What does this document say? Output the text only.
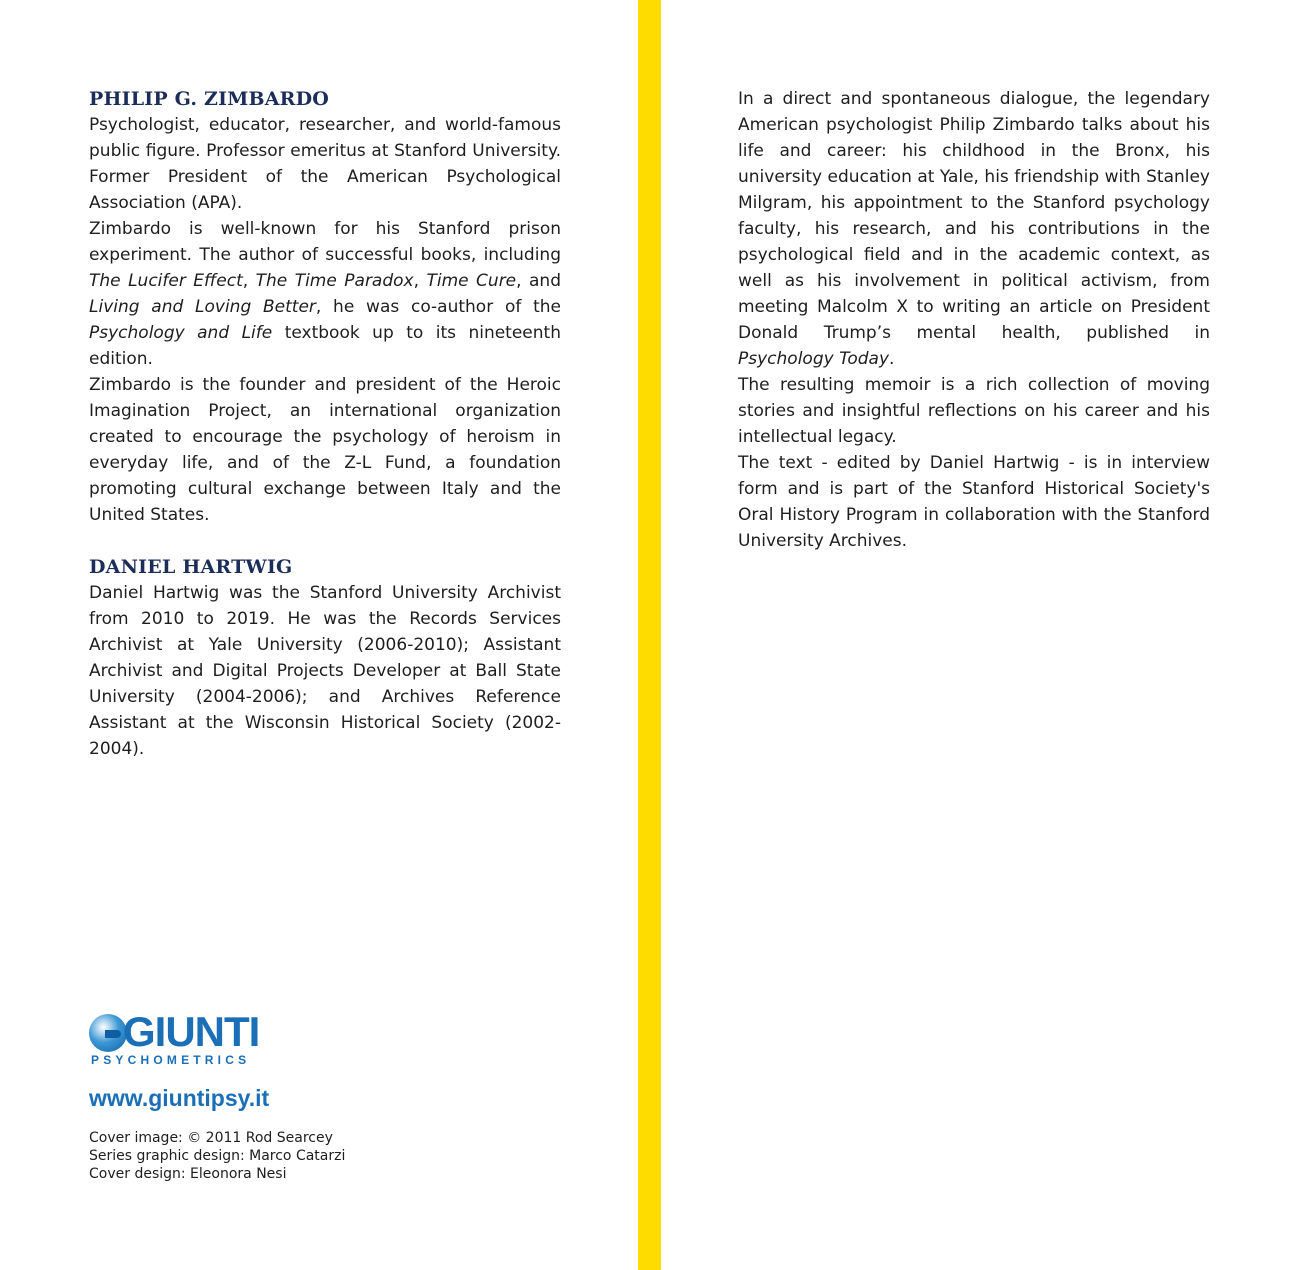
PHILIP G. ZIMBARDO

Psychologist, educator, researcher, and world-famous public figure. Professor emeritus at Stanford University. Former President of the American Psychological Association (APA).

Zimbardo is well-known for his Stanford prison experiment. The author of successful books, including The Lucifer Effect, The Time Paradox, Time Cure, and Living and Loving Better, he was co-author of the Psychology and Life textbook up to its nineteenth edition.

Zimbardo is the founder and president of the Heroic Imagination Project, an international organization created to encourage the psychology of heroism in everyday life, and of the Z-L Fund, a foundation promoting cultural exchange between Italy and the United States.

DANIEL HARTWIG

Daniel Hartwig was the Stanford University Archivist from 2010 to 2019. He was the Records Services Archivist at Yale University (2006-2010); Assistant Archivist and Digital Projects Developer at Ball State University (2004-2006); and Archives Reference Assistant at the Wisconsin Historical Society (2002-2004).

In a direct and spontaneous dialogue, the legendary American psychologist Philip Zimbardo talks about his life and career: his childhood in the Bronx, his university education at Yale, his friendship with Stanley Milgram, his appointment to the Stanford psychology faculty, his research, and his contributions in the psychological field and in the academic context, as well as his involvement in political activism, from meeting Malcolm X to writing an article on President Donald Trump’s mental health, published in Psychology Today.

The resulting memoir is a rich collection of moving stories and insightful reflections on his career and his intellectual legacy.

The text - edited by Daniel Hartwig - is in interview form and is part of the Stanford Historical Society's Oral History Program in collaboration with the Stanford University Archives.

GIUNTI
PSYCHOMETRICS
www.giuntipsy.it

Cover image: © 2011 Rod Searcey

Series graphic design: Marco Catarzi

Cover design: Eleonora Nesi
